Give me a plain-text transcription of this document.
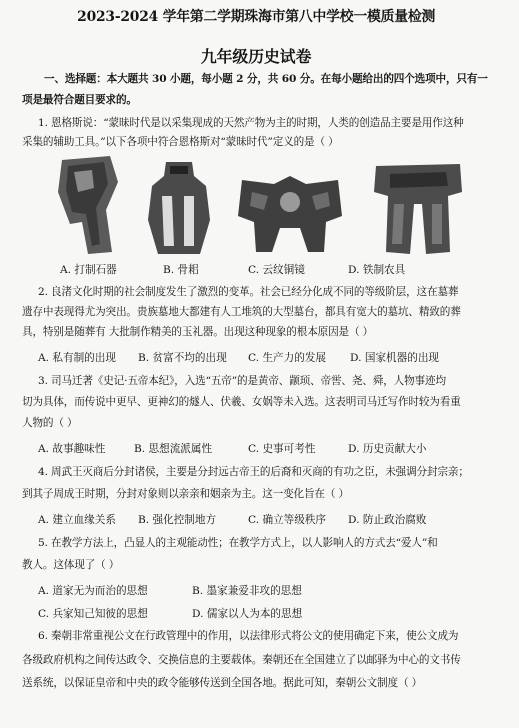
2023-2024 学年第二学期珠海市第八中学校一模质量检测
九年级历史试卷
一、选择题：本大题共 30 小题，每小题 2 分，共 60 分。在每小题给出的四个选项中，只有一
项是最符合题目要求的。
1. 恩格斯说：“蒙昧时代是以采集现成的天然产物为主的时期，人类的创造品主要是用作这种
采集的辅助工具。”以下各项中符合恩格斯对“蒙昧时代”定义的是（ ）
A. 打制石器	B. 骨耜	C. 云纹铜镜	D. 铁制农具
2. 良渚文化时期的社会制度发生了激烈的变革。社会已经分化成不同的等级阶层，这在墓葬
遗存中表现得尤为突出。贵族墓地大都建有人工堆筑的大型墓台，都具有宽大的墓坑、精致的葬
具，特别是随葬有 大批制作精美的玉礼器。出现这种现象的根本原因是（ ）
A. 私有制的出现 B. 贫富不均的出现 C. 生产力的发展 D. 国家机器的出现
3. 司马迁著《史记·五帝本纪》，入选“五帝”的是黄帝、颛顼、帝喾、尧、舜，人物事迹均
切为具体，而传说中更早、更神幻的燧人、伏羲、女娲等未入选。这表明司马迁写作时较为看重
人物的（ ）
A. 故事趣味性	B. 思想流派属性	C. 史事可考性	D. 历史贡献大小
4. 周武王灭商后分封诸侯，主要是分封远古帝王的后裔和灭商的有功之臣，未强调分封宗亲；
到其子周成王时期，分封对象则以亲亲和姻亲为主。这一变化旨在（ ）
A. 建立血缘关系 B. 强化控制地方	C. 确立等级秩序 D. 防止政治腐败
5. 在教学方法上，凸显人的主观能动性；在教学方式上，以人影响人的方式去“爱人”和
教人。这体现了（ ）
A. 道家无为而治的思想	B. 墨家兼爱非攻的思想
C. 兵家知己知彼的思想	D. 儒家以人为本的思想
6. 秦朝非常重视公文在行政管理中的作用，以法律形式将公文的使用确定下来，使公文成为
各级政府机构之间传达政令、交换信息的主要载体。秦朝还在全国建立了以邮驿为中心的文书传
送系统，以保证皇帝和中央的政令能够传送到全国各地。据此可知，秦朝公文制度（ ）
